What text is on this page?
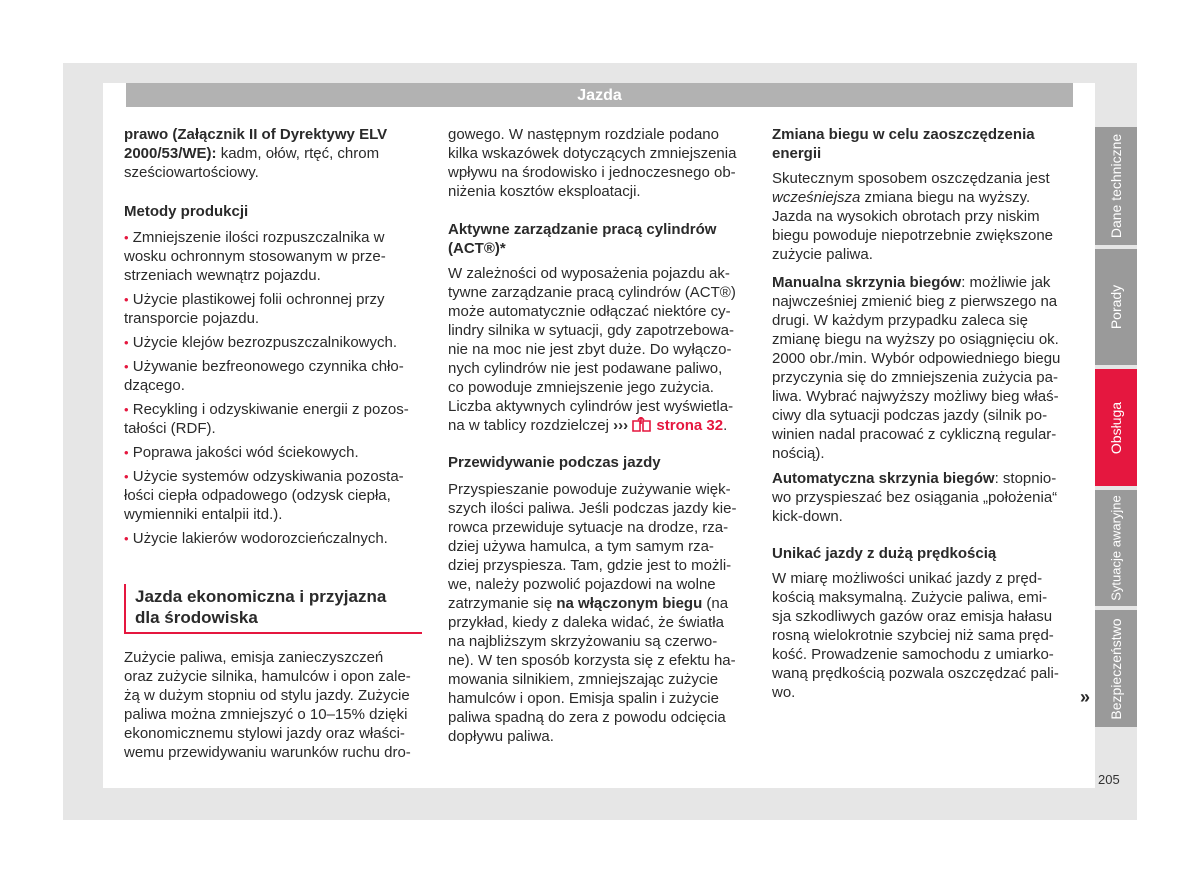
Jazda
prawo (Załącznik II of Dyrektywy ELV
2000/53/WE): kadm, ołów, rtęć, chrom
sześciowartościowy.
Metody produkcji
• Zmniejszenie ilości rozpuszczalnika w
wosku ochronnym stosowanym w prze-
strzeniach wewnątrz pojazdu.
• Użycie plastikowej folii ochronnej przy
transporcie pojazdu.
• Użycie klejów bezrozpuszczalnikowych.
• Używanie bezfreonowego czynnika chło-
dzącego.
• Recykling i odzyskiwanie energii z pozos-
tałości (RDF).
• Poprawa jakości wód ściekowych.
• Użycie systemów odzyskiwania pozosta-
łości ciepła odpadowego (odzysk ciepła,
wymienniki entalpii itd.).
• Użycie lakierów wodorozcieńczalnych.
Jazda ekonomiczna i przyjazna
dla środowiska
Zużycie paliwa, emisja zanieczyszczeń
oraz zużycie silnika, hamulców i opon zale-
żą w dużym stopniu od stylu jazdy. Zużycie
paliwa można zmniejszyć o 10–15% dzięki
ekonomicznemu stylowi jazdy oraz właści-
wemu przewidywaniu warunków ruchu dro-
gowego. W następnym rozdziale podano
kilka wskazówek dotyczących zmniejszenia
wpływu na środowisko i jednoczesnego ob-
niżenia kosztów eksploatacji.
Aktywne zarządzanie pracą cylindrów
(ACT®)*
W zależności od wyposażenia pojazdu ak-
tywne zarządzanie pracą cylindrów (ACT®)
może automatycznie odłączać niektóre cy-
lindry silnika w sytuacji, gdy zapotrzebowa-
nie na moc nie jest zbyt duże. Do wyłączo-
nych cylindrów nie jest podawane paliwo,
co powoduje zmniejszenie jego zużycia.
Liczba aktywnych cylindrów jest wyświetla-
na w tablicy rozdzielczej ››› strona 32.
Przewidywanie podczas jazdy
Przyspieszanie powoduje zużywanie więk-
szych ilości paliwa. Jeśli podczas jazdy kie-
rowca przewiduje sytuacje na drodze, rza-
dziej używa hamulca, a tym samym rza-
dziej przyspiesza. Tam, gdzie jest to możli-
we, należy pozwolić pojazdowi na wolne
zatrzymanie się na włączonym biegu (na
przykład, kiedy z daleka widać, że światła
na najbliższym skrzyżowaniu są czerwo-
ne). W ten sposób korzysta się z efektu ha-
mowania silnikiem, zmniejszając zużycie
hamulców i opon. Emisja spalin i zużycie
paliwa spadną do zera z powodu odcięcia
dopływu paliwa.
Zmiana biegu w celu zaoszczędzenia
energii
Skutecznym sposobem oszczędzania jest
wcześniejsza zmiana biegu na wyższy.
Jazda na wysokich obrotach przy niskim
biegu powoduje niepotrzebnie zwiększone
zużycie paliwa.
Manualna skrzynia biegów: możliwie jak
najwcześniej zmienić bieg z pierwszego na
drugi. W każdym przypadku zaleca się
zmianę biegu na wyższy po osiągnięciu ok.
2000 obr./min. Wybór odpowiedniego biegu
przyczynia się do zmniejszenia zużycia pa-
liwa. Wybrać najwyższy możliwy bieg właś-
ciwy dla sytuacji podczas jazdy (silnik po-
winien nadal pracować z cykliczną regular-
nością).
Automatyczna skrzynia biegów: stopnio-
wo przyspieszać bez osiągania „położenia“
kick-down.
Unikać jazdy z dużą prędkością
W miarę możliwości unikać jazdy z pręd-
kością maksymalną. Zużycie paliwa, emi-
sja szkodliwych gazów oraz emisja hałasu
rosną wielokrotnie szybciej niż sama pręd-
kość. Prowadzenie samochodu z umiarko-
waną prędkością pozwala oszczędzać pali-
wo.	»
Dane techniczne
Porady
Obsługa
Sytuacje awaryjne
Bezpieczeństwo
205
